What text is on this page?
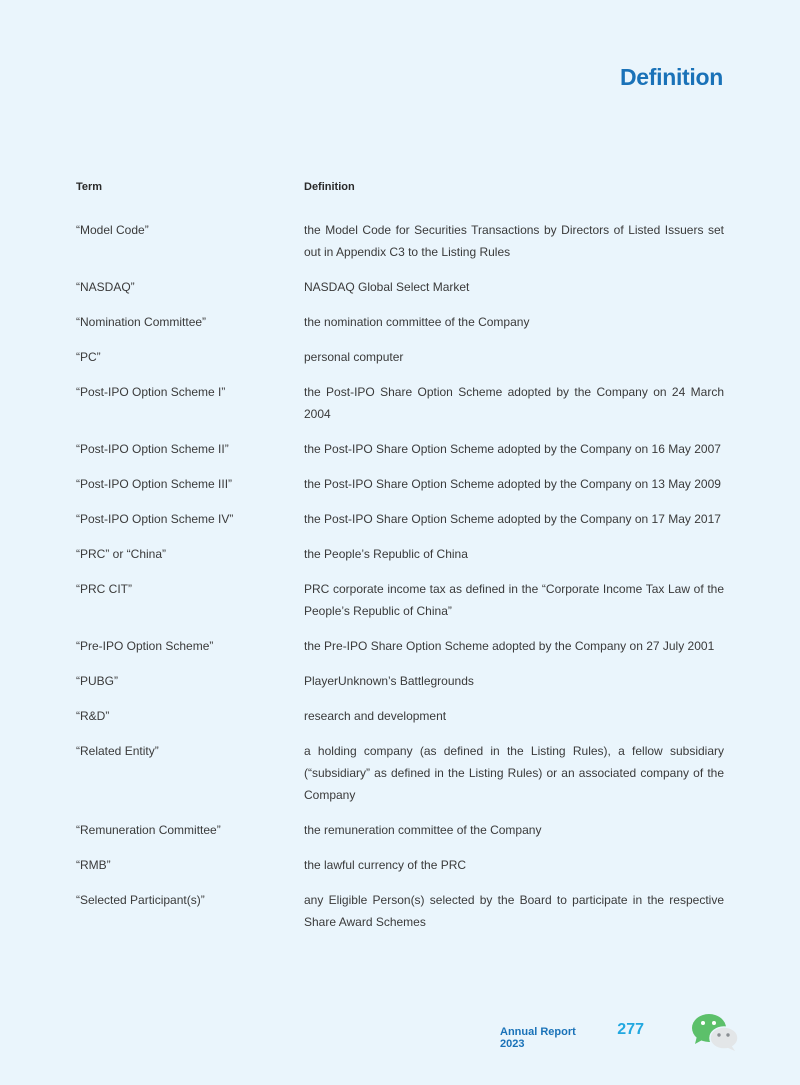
Definition
Term	Definition
“Model Code”	the Model Code for Securities Transactions by Directors of Listed Issuers set out in Appendix C3 to the Listing Rules
“NASDAQ”	NASDAQ Global Select Market
“Nomination Committee”	the nomination committee of the Company
“PC”	personal computer
“Post-IPO Option Scheme I”	the Post-IPO Share Option Scheme adopted by the Company on 24 March 2004
“Post-IPO Option Scheme II”	the Post-IPO Share Option Scheme adopted by the Company on 16 May 2007
“Post-IPO Option Scheme III”	the Post-IPO Share Option Scheme adopted by the Company on 13 May 2009
“Post-IPO Option Scheme IV”	the Post-IPO Share Option Scheme adopted by the Company on 17 May 2017
“PRC” or “China”	the People’s Republic of China
“PRC CIT”	PRC corporate income tax as defined in the “Corporate Income Tax Law of the People’s Republic of China”
“Pre-IPO Option Scheme”	the Pre-IPO Share Option Scheme adopted by the Company on 27 July 2001
“PUBG”	PlayerUnknown’s Battlegrounds
“R&D”	research and development
“Related Entity”	a holding company (as defined in the Listing Rules), a fellow subsidiary (“subsidiary” as defined in the Listing Rules) or an associated company of the Company
“Remuneration Committee”	the remuneration committee of the Company
“RMB”	the lawful currency of the PRC
“Selected Participant(s)”	any Eligible Person(s) selected by the Board to participate in the respective Share Award Schemes
Annual Report 2023
277
